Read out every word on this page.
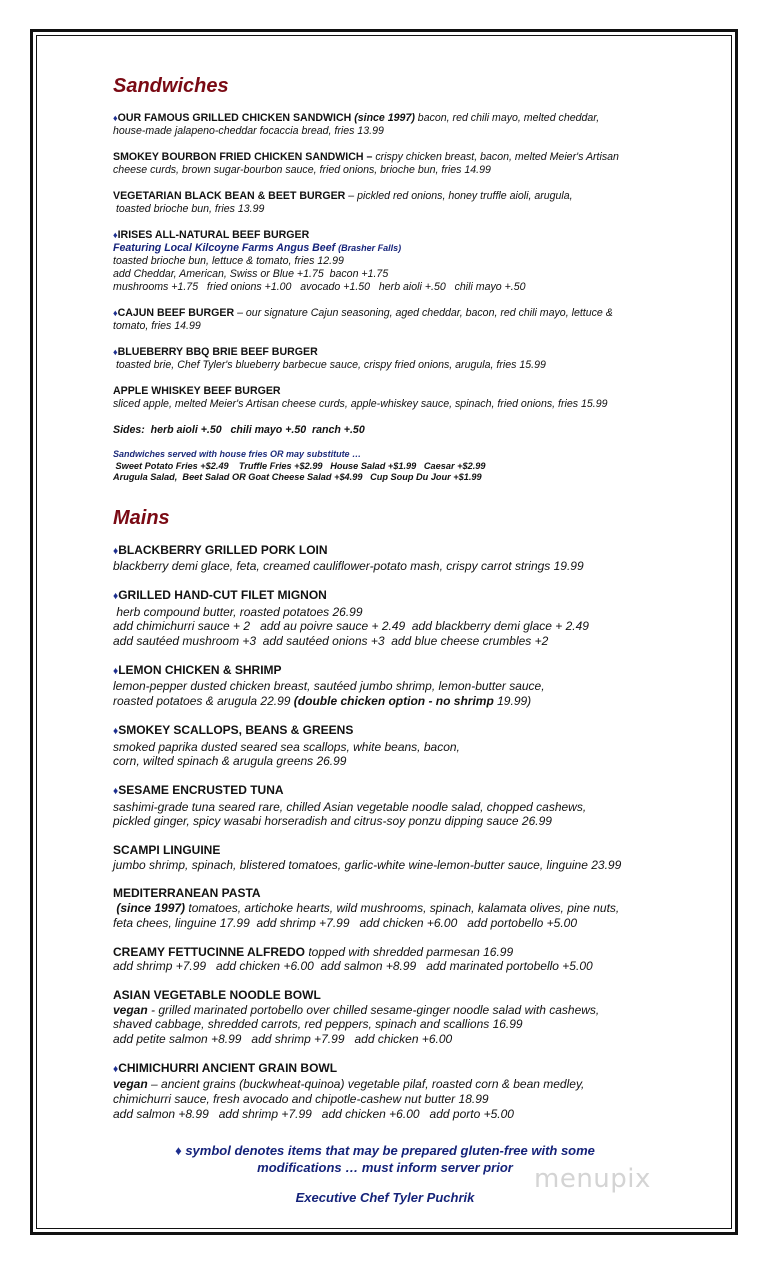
Sandwiches
♦OUR FAMOUS GRILLED CHICKEN SANDWICH (since 1997) bacon, red chili mayo, melted cheddar,
house-made jalapeno-cheddar focaccia bread, fries 13.99
SMOKEY BOURBON FRIED CHICKEN SANDWICH – crispy chicken breast, bacon, melted Meier's Artisan
cheese curds, brown sugar-bourbon sauce, fried onions, brioche bun, fries 14.99
VEGETARIAN BLACK BEAN & BEET BURGER – pickled red onions, honey truffle aioli, arugula,
toasted brioche bun, fries 13.99
♦IRISES ALL-NATURAL BEEF BURGER
Featuring Local Kilcoyne Farms Angus Beef (Brasher Falls)
toasted brioche bun, lettuce & tomato, fries 12.99
add Cheddar, American, Swiss or Blue +1.75  bacon +1.75
mushrooms +1.75   fried onions +1.00   avocado +1.50   herb aioli +.50   chili mayo +.50
♦CAJUN BEEF BURGER – our signature Cajun seasoning, aged cheddar, bacon, red chili mayo, lettuce &
tomato, fries 14.99
♦BLUEBERRY BBQ BRIE BEEF BURGER
toasted brie, Chef Tyler's blueberry barbecue sauce, crispy fried onions, arugula, fries 15.99
APPLE WHISKEY BEEF BURGER
sliced apple, melted Meier's Artisan cheese curds, apple-whiskey sauce, spinach, fried onions, fries 15.99
Sides:  herb aioli +.50   chili mayo +.50  ranch +.50
Sandwiches served with house fries OR may substitute …
Sweet Potato Fries +$2.49    Truffle Fries +$2.99   House Salad +$1.99   Caesar +$2.99
Arugula Salad,  Beet Salad OR Goat Cheese Salad +$4.99   Cup Soup Du Jour +$1.99
Mains
♦BLACKBERRY GRILLED PORK LOIN
blackberry demi glace, feta, creamed cauliflower-potato mash, crispy carrot strings 19.99
♦GRILLED HAND-CUT FILET MIGNON
herb compound butter, roasted potatoes 26.99
add chimichurri sauce + 2   add au poivre sauce + 2.49  add blackberry demi glace + 2.49
add sautéed mushroom +3  add sautéed onions +3  add blue cheese crumbles +2
♦LEMON CHICKEN & SHRIMP
lemon-pepper dusted chicken breast, sautéed jumbo shrimp, lemon-butter sauce,
roasted potatoes & arugula 22.99 (double chicken option - no shrimp 19.99)
♦SMOKEY SCALLOPS, BEANS & GREENS
smoked paprika dusted seared sea scallops, white beans, bacon,
corn, wilted spinach & arugula greens 26.99
♦SESAME ENCRUSTED TUNA
sashimi-grade tuna seared rare, chilled Asian vegetable noodle salad, chopped cashews,
pickled ginger, spicy wasabi horseradish and citrus-soy ponzu dipping sauce 26.99
SCAMPI LINGUINE
jumbo shrimp, spinach, blistered tomatoes, garlic-white wine-lemon-butter sauce, linguine 23.99
MEDITERRANEAN PASTA
(since 1997) tomatoes, artichoke hearts, wild mushrooms, spinach, kalamata olives, pine nuts,
feta chees, linguine 17.99  add shrimp +7.99   add chicken +6.00   add portobello +5.00
CREAMY FETTUCINNE ALFREDO topped with shredded parmesan 16.99
add shrimp +7.99   add chicken +6.00  add salmon +8.99   add marinated portobello +5.00
ASIAN VEGETABLE NOODLE BOWL
vegan - grilled marinated portobello over chilled sesame-ginger noodle salad with cashews,
shaved cabbage, shredded carrots, red peppers, spinach and scallions 16.99
add petite salmon +8.99   add shrimp +7.99   add chicken +6.00
♦CHIMICHURRI ANCIENT GRAIN BOWL
vegan – ancient grains (buckwheat-quinoa) vegetable pilaf, roasted corn & bean medley,
chimichurri sauce, fresh avocado and chipotle-cashew nut butter 18.99
add salmon +8.99   add shrimp +7.99   add chicken +6.00   add porto +5.00
♦ symbol denotes items that may be prepared gluten-free with some
modifications … must inform server prior
Executive Chef Tyler Puchrik
menupix
